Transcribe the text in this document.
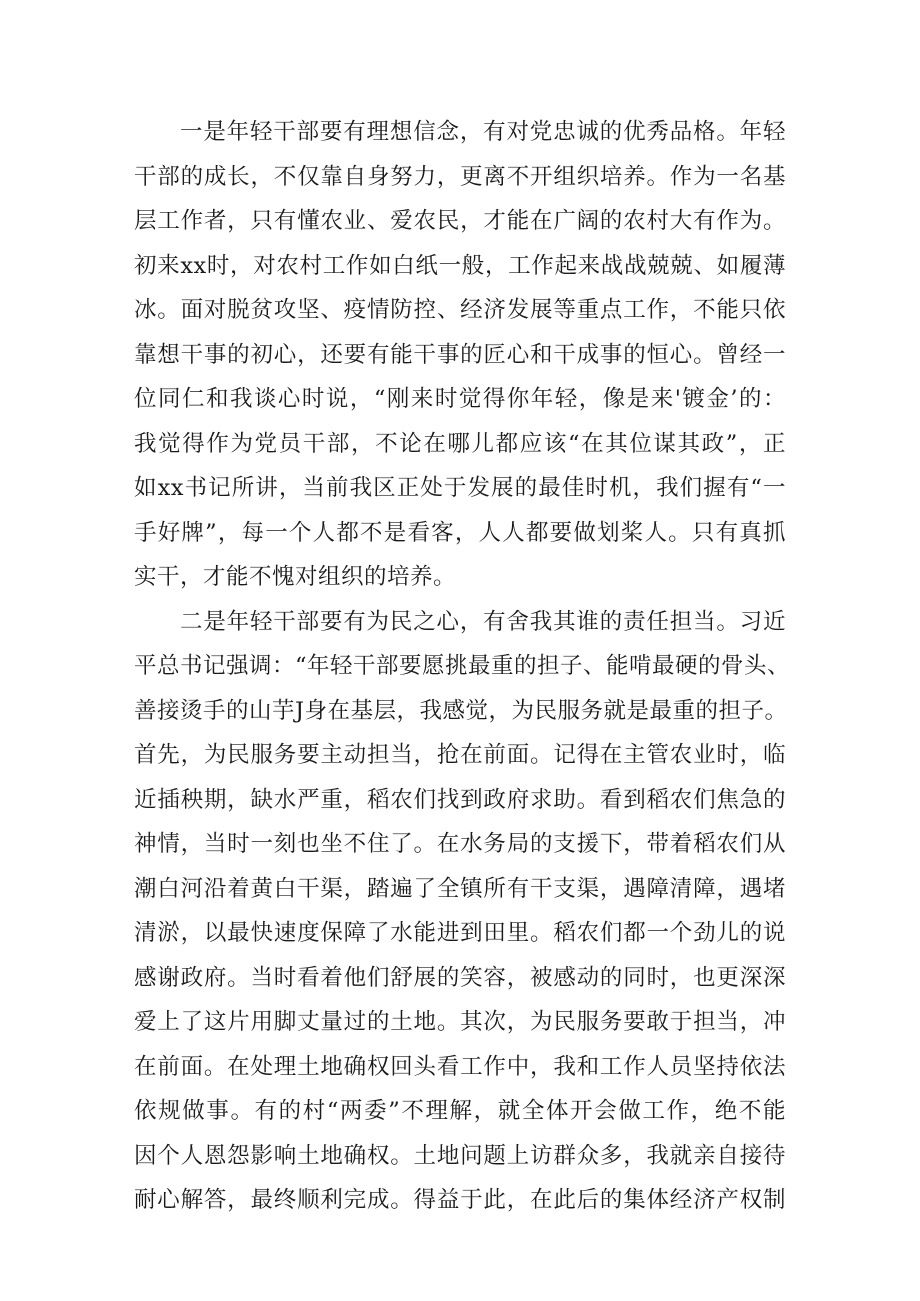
一是年轻干部要有理想信念，有对党忠诚的优秀品格。年轻
干部的成长，不仅靠自身努力，更离不开组织培养。作为一名基
层工作者，只有懂农业、爱农民，才能在广阔的农村大有作为。
初来xx时，对农村工作如白纸一般，工作起来战战兢兢、如履薄
冰。面对脱贫攻坚、疫情防控、经济发展等重点工作，不能只依
靠想干事的初心，还要有能干事的匠心和干成事的恒心。曾经一
位同仁和我谈心时说，“刚来时觉得你年轻，像是来'镀金’的：
我觉得作为党员干部，不论在哪儿都应该“在其位谋其政”，正
如xx书记所讲，当前我区正处于发展的最佳时机，我们握有“一
手好牌”，每一个人都不是看客，人人都要做划桨人。只有真抓
实干，才能不愧对组织的培养。
二是年轻干部要有为民之心，有舍我其谁的责任担当。习近
平总书记强调：“年轻干部要愿挑最重的担子、能啃最硬的骨头、
善接烫手的山芋J身在基层，我感觉，为民服务就是最重的担子。
首先，为民服务要主动担当，抢在前面。记得在主管农业时，临
近插秧期，缺水严重，稻农们找到政府求助。看到稻农们焦急的
神情，当时一刻也坐不住了。在水务局的支援下，带着稻农们从
潮白河沿着黄白干渠，踏遍了全镇所有干支渠，遇障清障，遇堵
清淤，以最快速度保障了水能进到田里。稻农们都一个劲儿的说
感谢政府。当时看着他们舒展的笑容，被感动的同时，也更深深
爱上了这片用脚丈量过的土地。其次，为民服务要敢于担当，冲
在前面。在处理土地确权回头看工作中，我和工作人员坚持依法
依规做事。有的村“两委”不理解，就全体开会做工作，绝不能
因个人恩怨影响土地确权。土地问题上访群众多，我就亲自接待
耐心解答，最终顺利完成。得益于此，在此后的集体经济产权制
